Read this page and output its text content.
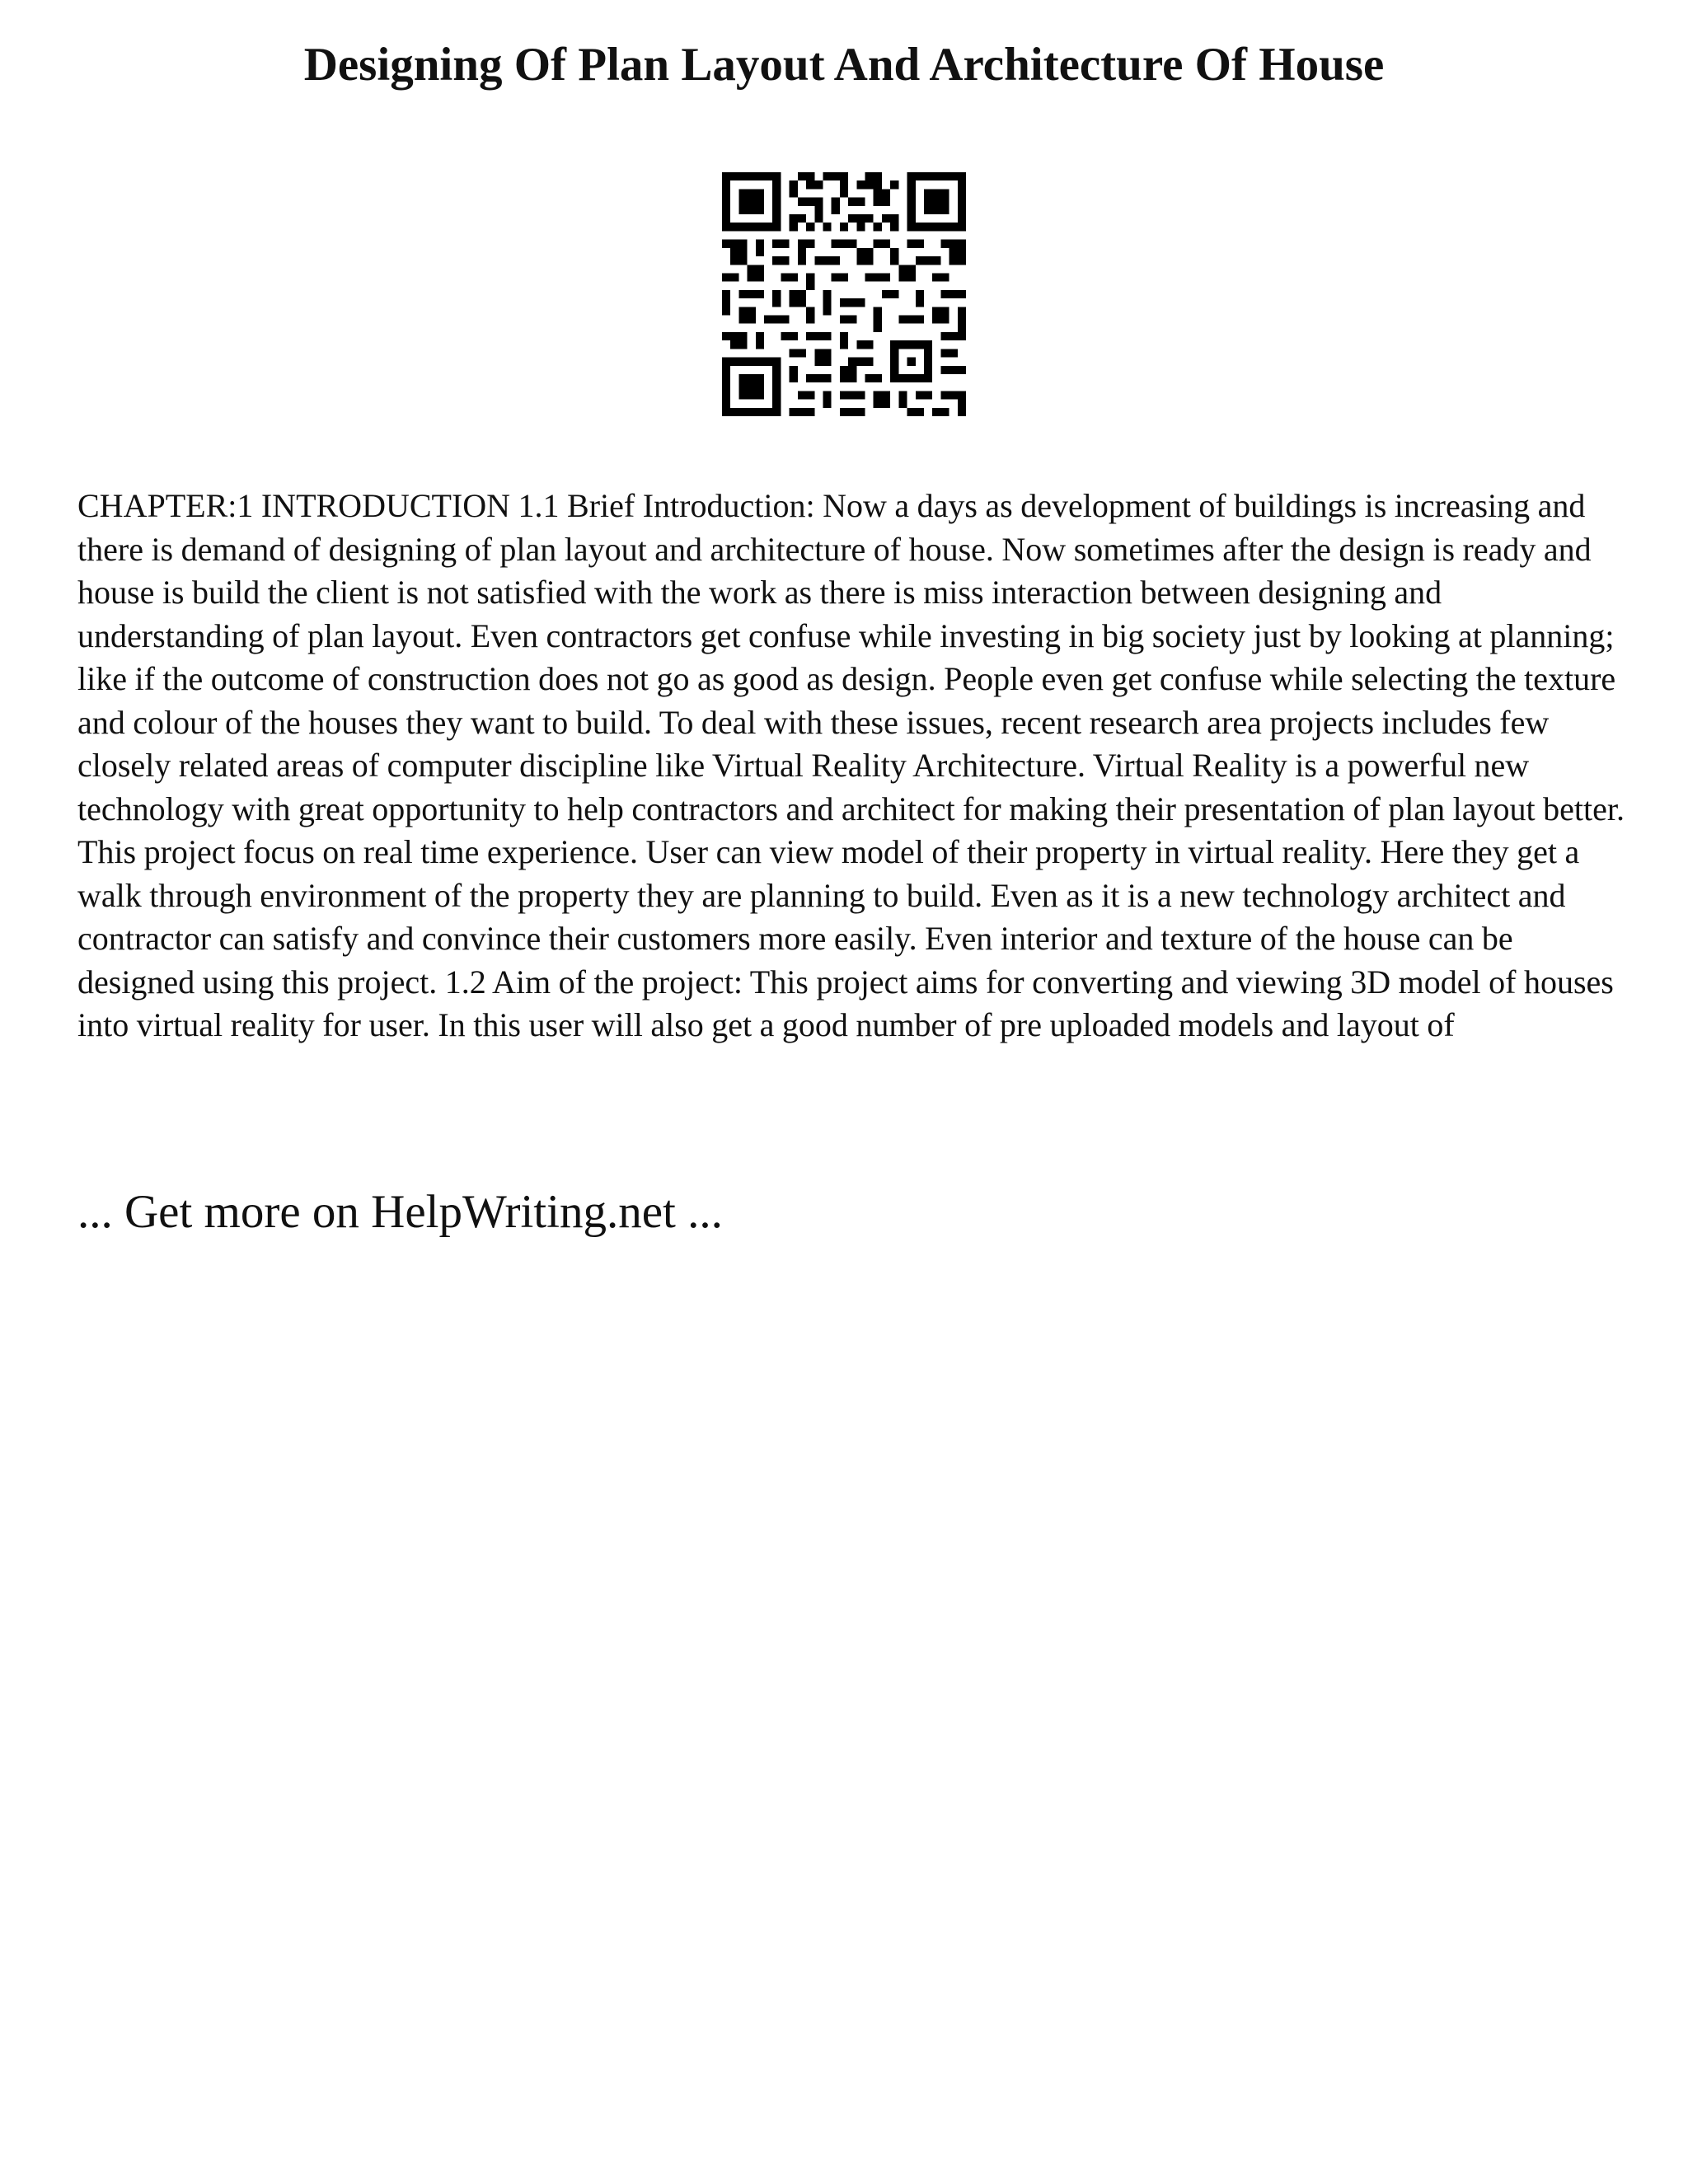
Designing Of Plan Layout And Architecture Of House

CHAPTER:1 INTRODUCTION 1.1 Brief Introduction: Now a days as development of buildings is increasing and there is demand of designing of plan layout and architecture of house. Now sometimes after the design is ready and house is build the client is not satisfied with the work as there is miss interaction between designing and understanding of plan layout. Even contractors get confuse while investing in big society just by looking at planning; like if the outcome of construction does not go as good as design. People even get confuse while selecting the texture and colour of the houses they want to build. To deal with these issues, recent research area projects includes few closely related areas of computer discipline like Virtual Reality Architecture. Virtual Reality is a powerful new technology with great opportunity to help contractors and architect for making their presentation of plan layout better. This project focus on real time experience. User can view model of their property in virtual reality. Here they get a walk through environment of the property they are planning to build. Even as it is a new technology architect and contractor can satisfy and convince their customers more easily. Even interior and texture of the house can be designed using this project. 1.2 Aim of the project: This project aims for converting and viewing 3D model of houses into virtual reality for user. In this user will also get a good number of pre uploaded models and layout of

... Get more on HelpWriting.net ...
